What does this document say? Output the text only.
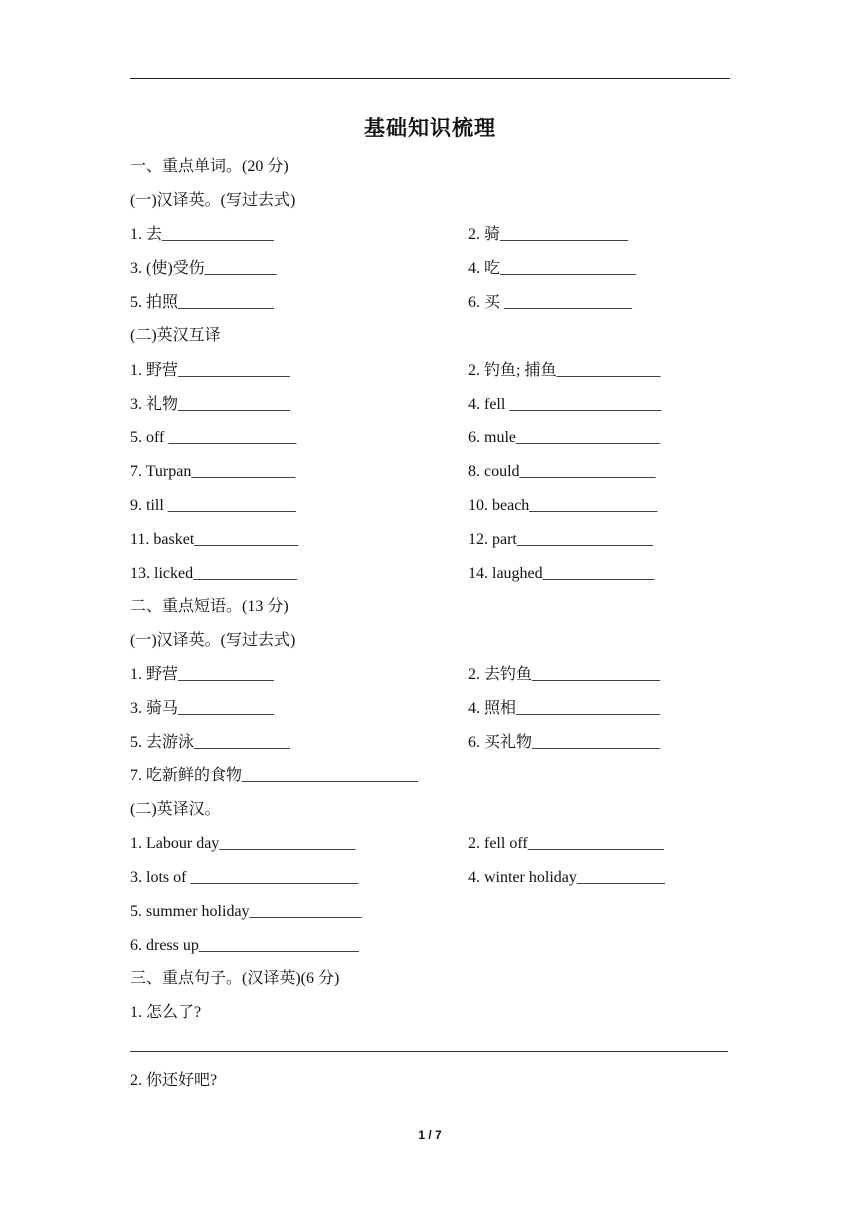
基础知识梳理
一、重点单词。(20 分)
(一)汉译英。(写过去式)
1. 去______________	2. 骑________________
3. (使)受伤_________	4. 吃_________________
5. 拍照____________	6. 买 ________________
(二)英汉互译
1. 野营______________	2. 钓鱼; 捕鱼_____________
3. 礼物______________	4. fell ___________________
5. off ________________	6. mule__________________
7. Turpan_____________	8. could_________________
9. till ________________	10. beach________________
11. basket_____________	12. part_________________
13. licked_____________	14. laughed______________
二、重点短语。(13 分)
(一)汉译英。(写过去式)
1. 野营____________	2. 去钓鱼________________
3. 骑马____________	4. 照相__________________
5. 去游泳____________	6. 买礼物________________
7. 吃新鲜的食物______________________
(二)英译汉。
1. Labour day_________________	2. fell off_________________
3. lots of _____________________	4. winter holiday___________
5. summer holiday______________
6. dress up____________________
三、重点句子。(汉译英)(6 分)
1. 怎么了?
2. 你还好吧?
1 / 7
